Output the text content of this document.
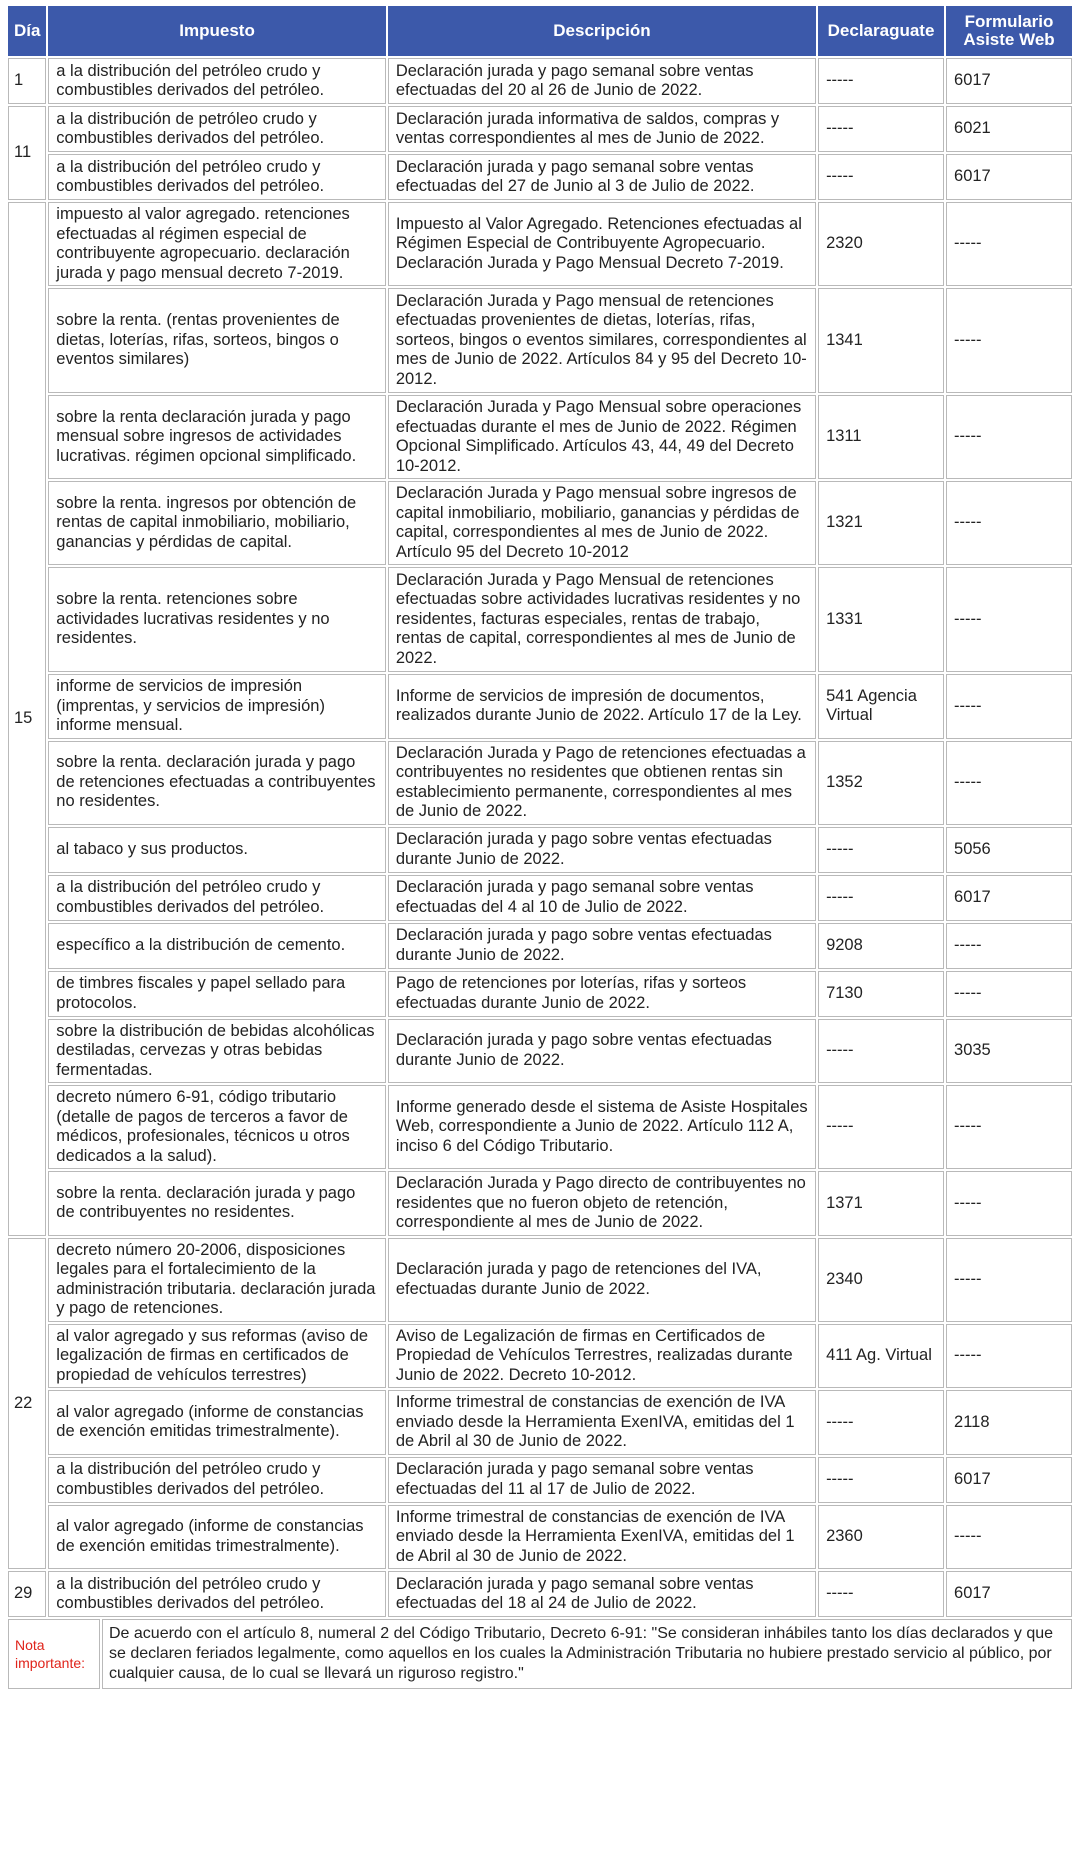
Día	Impuesto	Descripción	Declaraguate	Formulario Asiste Web
1	a la distribución del petróleo crudo y combustibles derivados del petróleo.	Declaración jurada y pago semanal sobre ventas efectuadas del 20 al 26 de Junio de 2022.	-----	6017
11	a la distribución de petróleo crudo y combustibles derivados del petróleo.	Declaración jurada informativa de saldos, compras y ventas correspondientes al mes de Junio de 2022.	-----	6021
	a la distribución del petróleo crudo y combustibles derivados del petróleo.	Declaración jurada y pago semanal sobre ventas efectuadas del 27 de Junio al 3 de Julio de 2022.	-----	6017
15	impuesto al valor agregado. retenciones efectuadas al régimen especial de contribuyente agropecuario. declaración jurada y pago mensual decreto 7-2019.	Impuesto al Valor Agregado. Retenciones efectuadas al Régimen Especial de Contribuyente Agropecuario. Declaración Jurada y Pago Mensual Decreto 7-2019.	2320	-----
	sobre la renta. (rentas provenientes de dietas, loterías, rifas, sorteos, bingos o eventos similares)	Declaración Jurada y Pago mensual de retenciones efectuadas provenientes de dietas, loterías, rifas, sorteos, bingos o eventos similares, correspondientes al mes de Junio de 2022. Artículos 84 y 95 del Decreto 10-2012.	1341	-----
	sobre la renta declaración jurada y pago mensual sobre ingresos de actividades lucrativas. régimen opcional simplificado.	Declaración Jurada y Pago Mensual sobre operaciones efectuadas durante el mes de Junio de 2022. Régimen Opcional Simplificado. Artículos 43, 44, 49 del Decreto 10-2012.	1311	-----
	sobre la renta. ingresos por obtención de rentas de capital inmobiliario, mobiliario, ganancias y pérdidas de capital.	Declaración Jurada y Pago mensual sobre ingresos de capital inmobiliario, mobiliario, ganancias y pérdidas de capital, correspondientes al mes de Junio de 2022. Artículo 95 del Decreto 10-2012	1321	-----
	sobre la renta. retenciones sobre actividades lucrativas residentes y no residentes.	Declaración Jurada y Pago Mensual de retenciones efectuadas sobre actividades lucrativas residentes y no residentes, facturas especiales, rentas de trabajo, rentas de capital, correspondientes al mes de Junio de 2022.	1331	-----
	informe de servicios de impresión (imprentas, y servicios de impresión) informe mensual.	Informe de servicios de impresión de documentos, realizados durante Junio de 2022. Artículo 17 de la Ley.	541 Agencia Virtual	-----
	sobre la renta. declaración jurada y pago de retenciones efectuadas a contribuyentes no residentes.	Declaración Jurada y Pago de retenciones efectuadas a contribuyentes no residentes que obtienen rentas sin establecimiento permanente, correspondientes al mes de Junio de 2022.	1352	-----
	al tabaco y sus productos.	Declaración jurada y pago sobre ventas efectuadas durante Junio de 2022.	-----	5056
	a la distribución del petróleo crudo y combustibles derivados del petróleo.	Declaración jurada y pago semanal sobre ventas efectuadas del 4 al 10 de Julio de 2022.	-----	6017
	específico a la distribución de cemento.	Declaración jurada y pago sobre ventas efectuadas durante Junio de 2022.	9208	-----
	de timbres fiscales y papel sellado para protocolos.	Pago de retenciones por loterías, rifas y sorteos efectuadas durante Junio de 2022.	7130	-----
	sobre la distribución de bebidas alcohólicas destiladas, cervezas y otras bebidas fermentadas.	Declaración jurada y pago sobre ventas efectuadas durante Junio de 2022.	-----	3035
	decreto número 6-91, código tributario (detalle de pagos de terceros a favor de médicos, profesionales, técnicos u otros dedicados a la salud).	Informe generado desde el sistema de Asiste Hospitales Web, correspondiente a Junio de 2022. Artículo 112 A, inciso 6 del Código Tributario.	-----	-----
	sobre la renta. declaración jurada y pago de contribuyentes no residentes.	Declaración Jurada y Pago directo de contribuyentes no residentes que no fueron objeto de retención, correspondiente al mes de Junio de 2022.	1371	-----
22	decreto número 20-2006, disposiciones legales para el fortalecimiento de la administración tributaria. declaración jurada y pago de retenciones.	Declaración jurada y pago de retenciones del IVA, efectuadas durante Junio de 2022.	2340	-----
	al valor agregado y sus reformas (aviso de legalización de firmas en certificados de propiedad de vehículos terrestres)	Aviso de Legalización de firmas en Certificados de Propiedad de Vehículos Terrestres, realizadas durante Junio de 2022. Decreto 10-2012.	411 Ag. Virtual	-----
	al valor agregado (informe de constancias de exención emitidas trimestralmente).	Informe trimestral de constancias de exención de IVA enviado desde la Herramienta ExenIVA, emitidas del 1 de Abril al 30 de Junio de 2022.	-----	2118
	a la distribución del petróleo crudo y combustibles derivados del petróleo.	Declaración jurada y pago semanal sobre ventas efectuadas del 11 al 17 de Julio de 2022.	-----	6017
	al valor agregado (informe de constancias de exención emitidas trimestralmente).	Informe trimestral de constancias de exención de IVA enviado desde la Herramienta ExenIVA, emitidas del 1 de Abril al 30 de Junio de 2022.	2360	-----
29	a la distribución del petróleo crudo y combustibles derivados del petróleo.	Declaración jurada y pago semanal sobre ventas efectuadas del 18 al 24 de Julio de 2022.	-----	6017
Nota importante:	De acuerdo con el artículo 8, numeral 2 del Código Tributario, Decreto 6-91: "Se consideran inhábiles tanto los días declarados y que se declaren feriados legalmente, como aquellos en los cuales la Administración Tributaria no hubiere prestado servicio al público, por cualquier causa, de lo cual se llevará un riguroso registro."
